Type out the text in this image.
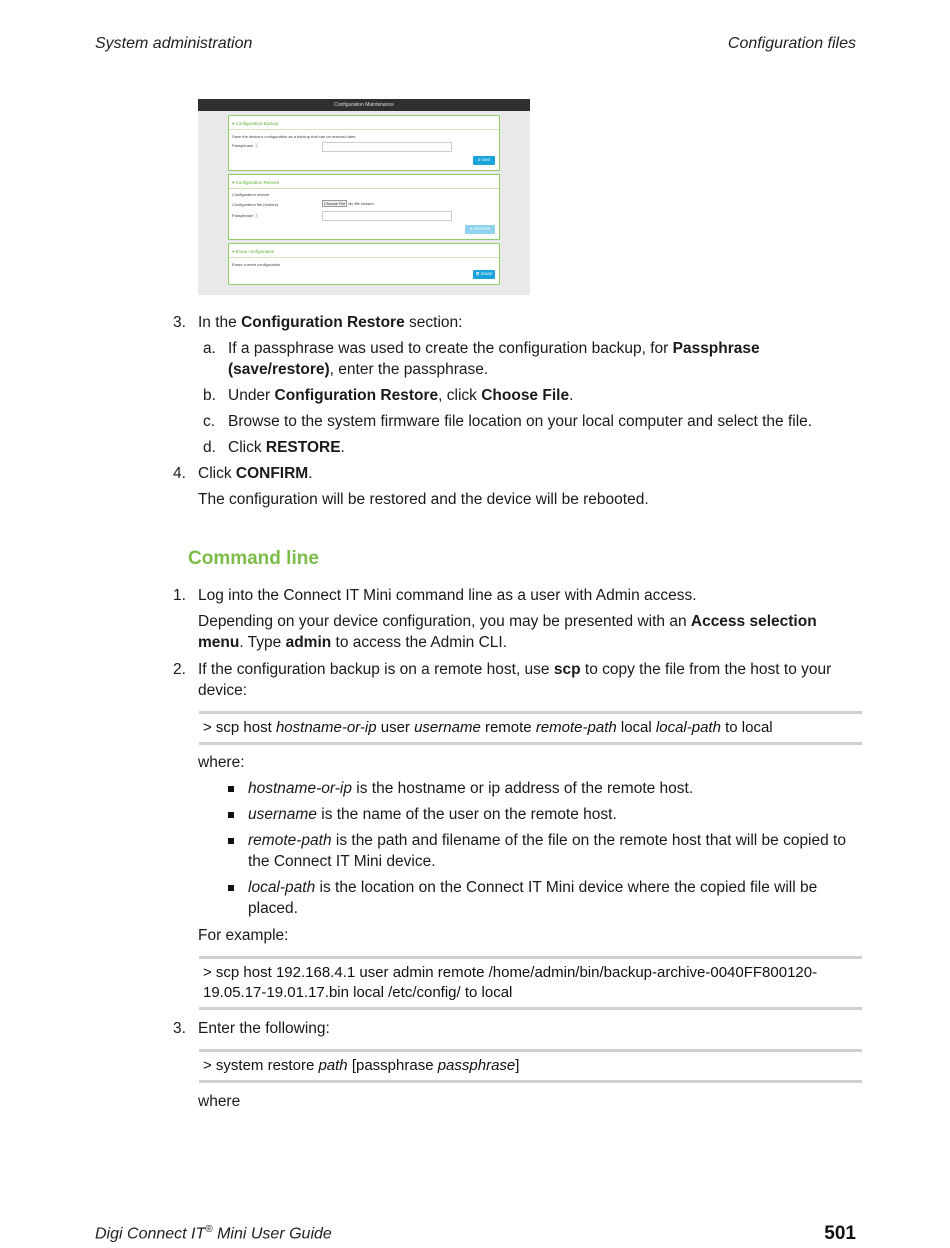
System administration	Configuration files
Configuration Maintenance
▾ Configuration Backup
Save the device's configuration as a backup that can be restored later.
Passphrase ⓘ
⬇ SAVE
▾ Configuration Restore
Configuration restore
Configuration file (restore)	Choose File No file chosen
Passphrase ⓘ
⬆ RESTORE
▾ Erase configuration
Erase current configuration
🗑 ERASE
3. In the Configuration Restore section:
a. If a passphrase was used to create the configuration backup, for Passphrase
(save/restore), enter the passphrase.
b. Under Configuration Restore, click Choose File.
c. Browse to the system firmware file location on your local computer and select the file.
d. Click RESTORE.
4. Click CONFIRM.
The configuration will be restored and the device will be rebooted.
Command line
1. Log into the Connect IT Mini command line as a user with Admin access.
Depending on your device configuration, you may be presented with an Access selection
menu. Type admin to access the Admin CLI.
2. If the configuration backup is on a remote host, use scp to copy the file from the host to your
device:
> scp host hostname-or-ip user username remote remote-path local local-path to local
where:
hostname-or-ip is the hostname or ip address of the remote host.
username is the name of the user on the remote host.
remote-path is the path and filename of the file on the remote host that will be copied to
the Connect IT Mini device.
local-path is the location on the Connect IT Mini device where the copied file will be
placed.
For example:
> scp host 192.168.4.1 user admin remote /home/admin/bin/backup-archive-0040FF800120-
19.05.17-19.01.17.bin local /etc/config/ to local
3. Enter the following:
> system restore path [passphrase passphrase]
where
Digi Connect IT® Mini User Guide	501
